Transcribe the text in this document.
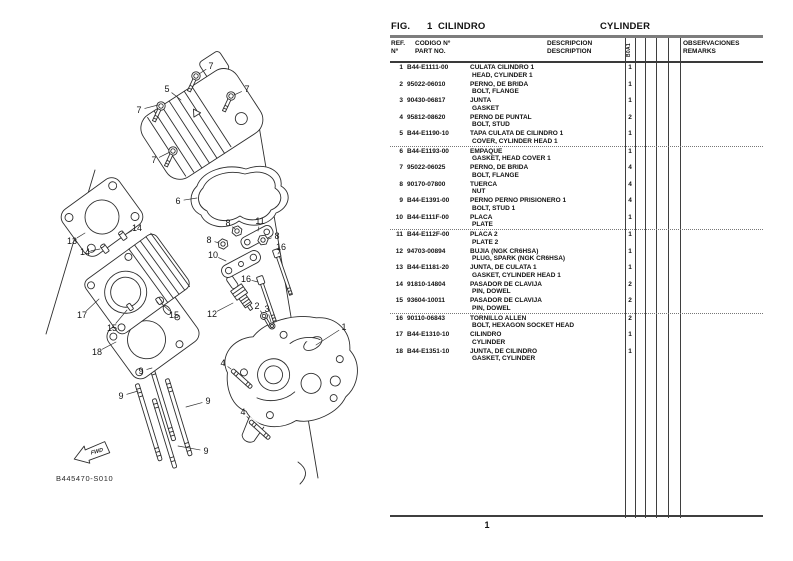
FWD
B445470-S010
7
7
7
7
5
6
8	11
8
16
8
10
16
13
14
14
12
2 3
1
17
15
15
18
9
9	9
9
4
4
FIG. 1 CILINDRO	CYLINDER
REF.

Nº
CODIGO Nº

PART NO.
DESCRIPCION

DESCRIPTION	B0A1	OBSERVACIONES

REMARKS
1 B44-E1111-00	CULATA CILINDRO 1
HEAD, CYLINDER 1
1
2 95022-06010	PERNO, DE BRIDA
BOLT, FLANGE
1
3 90430-06817	JUNTA
GASKET
1
4 95812-08620	PERNO DE PUNTAL
BOLT, STUD
2
5 B44-E1190-10	TAPA CULATA DE CILINDRO 1
COVER, CYLINDER HEAD 1
1
6 B44-E1193-00	EMPAQUE
GASKET, HEAD COVER 1
1
7 95022-06025	PERNO, DE BRIDA
BOLT, FLANGE
4
8 90170-07800	TUERCA
NUT
4
9 B44-E1391-00	PERNO PERNO PRISIONERO 1
BOLT, STUD 1
4
10 B44-E111F-00	PLACA
PLATE
1
11 B44-E112F-00	PLACA 2
PLATE 2
1
12 94703-00894	BUJIA (NGK CR6HSA)
PLUG, SPARK (NGK CR6HSA)
1
13 B44-E1181-20	JUNTA, DE CULATA 1
GASKET, CYLINDER HEAD 1
1
14 91810-14804	PASADOR DE CLAVIJA
PIN, DOWEL
2
15 93604-10011	PASADOR DE CLAVIJA
PIN, DOWEL
2
16 90110-06843	TORNILLO ALLEN
BOLT, HEXAGON SOCKET HEAD
2
17 B44-E1310-10	CILINDRO
CYLINDER
1
18 B44-E1351-10	JUNTA, DE CILINDRO
GASKET, CYLINDER
1
1
